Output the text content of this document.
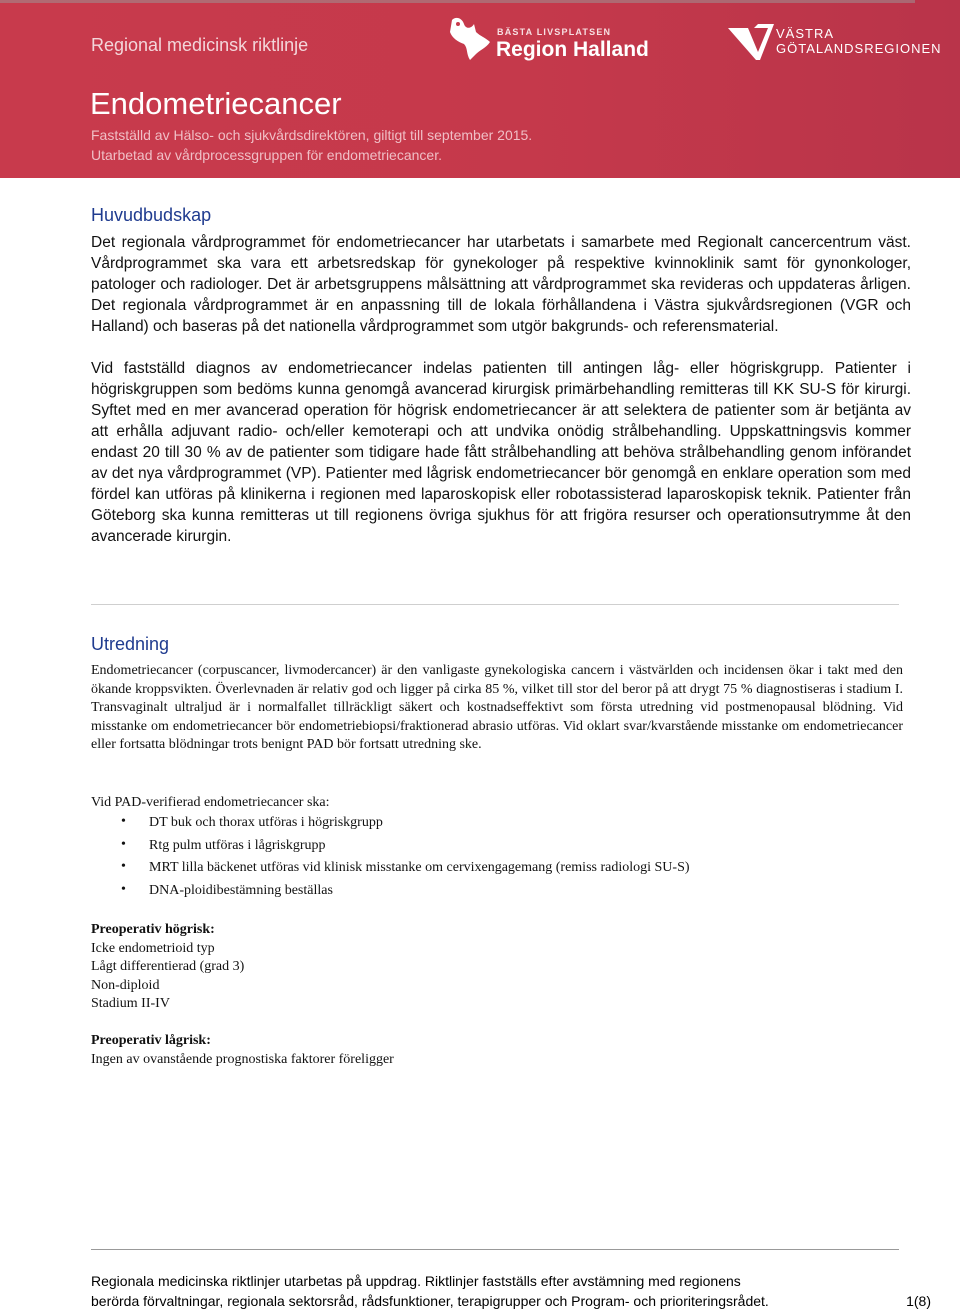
Regional medicinsk riktlinje
BÄSTA LIVSPLATSEN
Region Halland
VÄSTRA
GÖTALANDSREGIONEN
Endometriecancer
Fastställd av Hälso- och sjukvårdsdirektören, giltigt till september 2015.
Utarbetad av vårdprocessgruppen för endometriecancer.
Huvudbudskap

Det regionala vårdprogrammet för endometriecancer har utarbetats i samarbete med Regionalt cancercentrum väst. Vårdprogrammet ska vara ett arbetsredskap för gynekologer på respektive kvinnoklinik samt för gynonkologer, patologer och radiologer. Det är arbetsgruppens målsättning att vårdprogrammet ska revideras och uppdateras årligen. Det regionala vårdprogrammet är en anpassning till de lokala förhållandena i Västra sjukvårdsregionen (VGR och Halland) och baseras på det nationella vårdprogrammet som utgör bakgrunds- och referensmaterial.

Vid fastställd diagnos av endometriecancer indelas patienten till antingen låg- eller högriskgrupp. Patienter i högriskgruppen som bedöms kunna genomgå avancerad kirurgisk primärbehandling remitteras till KK SU-S för kirurgi. Syftet med en mer avancerad operation för högrisk endometriecancer är att selektera de patienter som är betjänta av att erhålla adjuvant radio- och/eller kemoterapi och att undvika onödig strålbehandling. Uppskattningsvis kommer endast 20 till 30 % av de patienter som tidigare hade fått strålbehandling att behöva strålbehandling genom införandet av det nya vårdprogrammet (VP). Patienter med lågrisk endometriecancer bör genomgå en enklare operation som med fördel kan utföras på klinikerna i regionen med laparoskopisk eller robotassisterad laparoskopisk teknik. Patienter från Göteborg ska kunna remitteras ut till regionens övriga sjukhus för att frigöra resurser och operationsutrymme åt den avancerade kirurgin.

Utredning

Endometriecancer (corpuscancer, livmodercancer) är den vanligaste gynekologiska cancern i västvärlden och incidensen ökar i takt med den ökande kroppsvikten. Överlevnaden är relativ god och ligger på cirka 85 %, vilket till stor del beror på att drygt 75 % diagnostiseras i stadium I. Transvaginalt ultraljud är i normalfallet tillräckligt säkert och kostnadseffektivt som första utredning vid postmenopausal blödning. Vid misstanke om endometriecancer bör endometriebiopsi/fraktionerad abrasio utföras. Vid oklart svar/kvarstående misstanke om endometriecancer eller fortsatta blödningar trots benignt PAD bör fortsatt utredning ske.

Vid PAD-verifierad endometriecancer ska:

• DT buk och thorax utföras i högriskgrupp
• Rtg pulm utföras i lågriskgrupp
• MRT lilla bäckenet utföras vid klinisk misstanke om cervixengagemang (remiss radiologi SU-S)
• DNA-ploidibestämning beställas
Preoperativ högrisk:
Icke endometrioid typ
Lågt differentierad (grad 3)
Non-diploid
Stadium II-IV
Preoperativ lågrisk:
Ingen av ovanstående prognostiska faktorer föreligger
Regionala medicinska riktlinjer utarbetas på uppdrag. Riktlinjer fastställs efter avstämning med regionens
berörda förvaltningar, regionala sektorsråd, rådsfunktioner, terapigrupper och Program- och prioriteringsrådet.	1(8)
